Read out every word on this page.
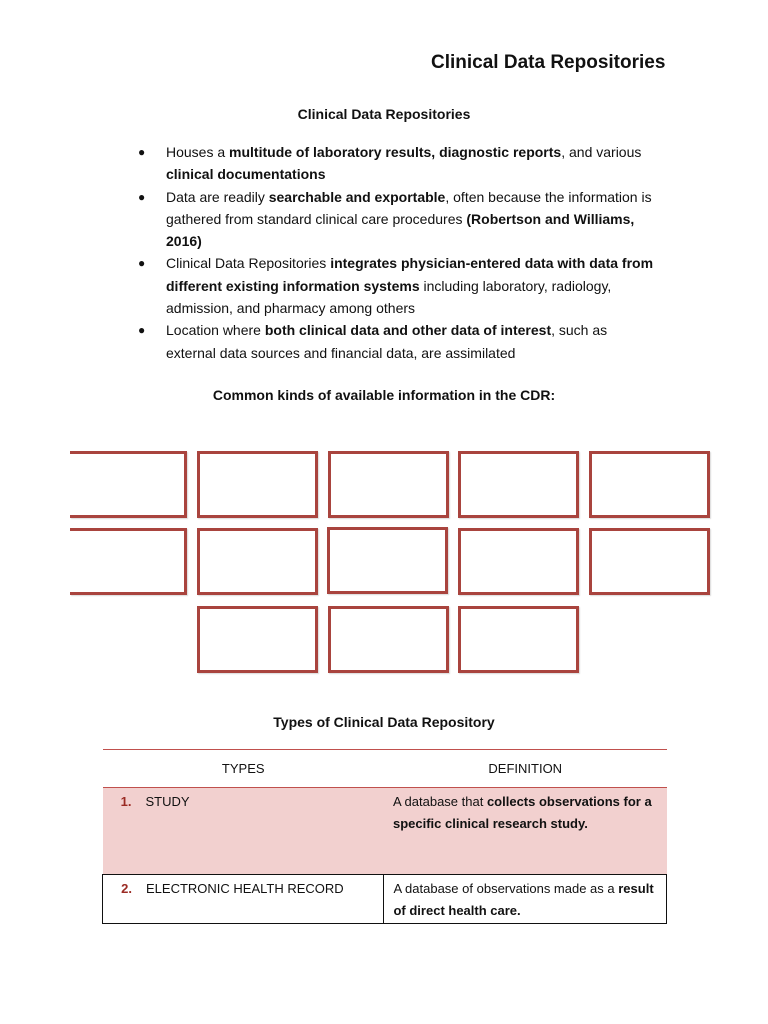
Clinical Data Repositories
Clinical Data Repositories
● Houses a multitude of laboratory results, diagnostic reports, and various clinical documentations
● Data are readily searchable and exportable, often because the information is gathered from standard clinical care procedures (Robertson and Williams, 2016)
● Clinical Data Repositories integrates physician-entered data with data from different existing information systems including laboratory, radiology, admission, and pharmacy among others
● Location where both clinical data and other data of interest, such as external data sources and financial data, are assimilated
Common kinds of available information in the CDR:
Types of Clinical Data Repository
TYPES	DEFINITION
1. STUDY	A database that collects observations for a specific clinical research study.
2. ELECTRONIC HEALTH RECORD	A database of observations made as a result of direct health care.
